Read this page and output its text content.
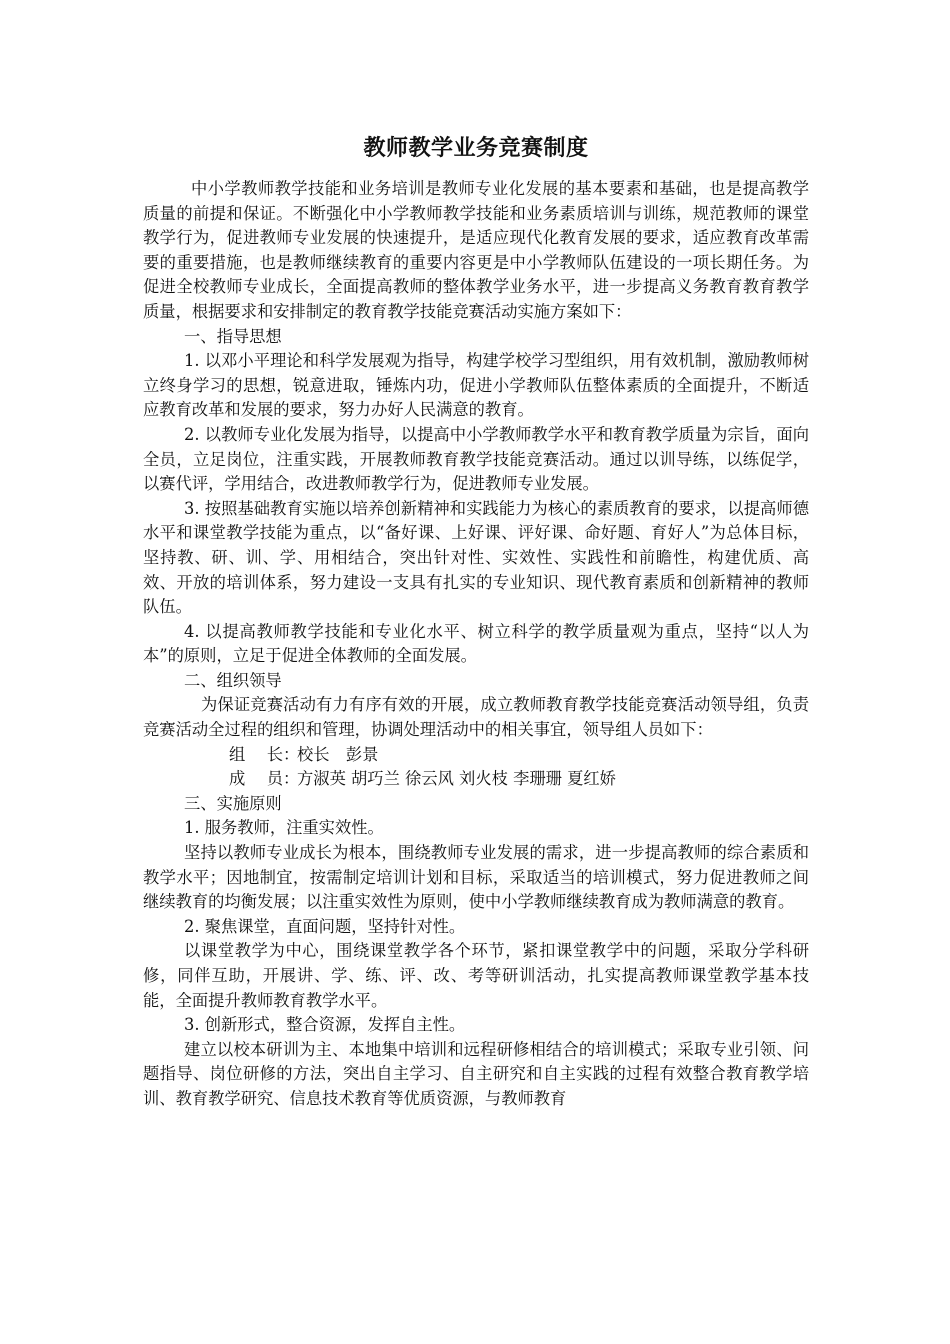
教师教学业务竞赛制度

中小学教师教学技能和业务培训是教师专业化发展的基本要素和基础，也是提高教学质量的前提和保证。不断强化中小学教师教学技能和业务素质培训与训练，规范教师的课堂教学行为，促进教师专业发展的快速提升，是适应现代化教育发展的要求，适应教育改革需要的重要措施，也是教师继续教育的重要内容更是中小学教师队伍建设的一项长期任务。为促进全校教师专业成长，全面提高教师的整体教学业务水平，进一步提高义务教育教育教学质量，根据要求和安排制定的教育教学技能竞赛活动实施方案如下：

一、指导思想

1. 以邓小平理论和科学发展观为指导，构建学校学习型组织，用有效机制，激励教师树立终身学习的思想，锐意进取，锤炼内功，促进小学教师队伍整体素质的全面提升，不断适应教育改革和发展的要求，努力办好人民满意的教育。

2. 以教师专业化发展为指导，以提高中小学教师教学水平和教育教学质量为宗旨，面向全员，立足岗位，注重实践，开展教师教育教学技能竞赛活动。通过以训导练，以练促学，以赛代评，学用结合，改进教师教学行为，促进教师专业发展。

3. 按照基础教育实施以培养创新精神和实践能力为核心的素质教育的要求，以提高师德水平和课堂教学技能为重点，以“备好课、上好课、评好课、命好题、育好人”为总体目标，坚持教、研、训、学、用相结合，突出针对性、实效性、实践性和前瞻性，构建优质、高效、开放的培训体系，努力建设一支具有扎实的专业知识、现代教育素质和创新精神的教师队伍。

4. 以提高教师教学技能和专业化水平、树立科学的教学质量观为重点，坚持“以人为本”的原则，立足于促进全体教师的全面发展。

二、组织领导

为保证竞赛活动有力有序有效的开展，成立教师教育教学技能竞赛活动领导组，负责竞赛活动全过程的组织和管理，协调处理活动中的相关事宜，领导组人员如下：

组　 长：校长　彭景

成　 员：方淑英 胡巧兰 徐云风 刘火枝 李珊珊 夏红娇

三、实施原则

1. 服务教师，注重实效性。

坚持以教师专业成长为根本，围绕教师专业发展的需求，进一步提高教师的综合素质和教学水平；因地制宜，按需制定培训计划和目标，采取适当的培训模式，努力促进教师之间继续教育的均衡发展；以注重实效性为原则，使中小学教师继续教育成为教师满意的教育。

2. 聚焦课堂，直面问题，坚持针对性。

以课堂教学为中心，围绕课堂教学各个环节，紧扣课堂教学中的问题，采取分学科研修，同伴互助，开展讲、学、练、评、改、考等研训活动，扎实提高教师课堂教学基本技能，全面提升教师教育教学水平。

3. 创新形式，整合资源，发挥自主性。

建立以校本研训为主、本地集中培训和远程研修相结合的培训模式；采取专业引领、问题指导、岗位研修的方法，突出自主学习、自主研究和自主实践的过程有效整合教育教学培训、教育教学研究、信息技术教育等优质资源，与教师教育
